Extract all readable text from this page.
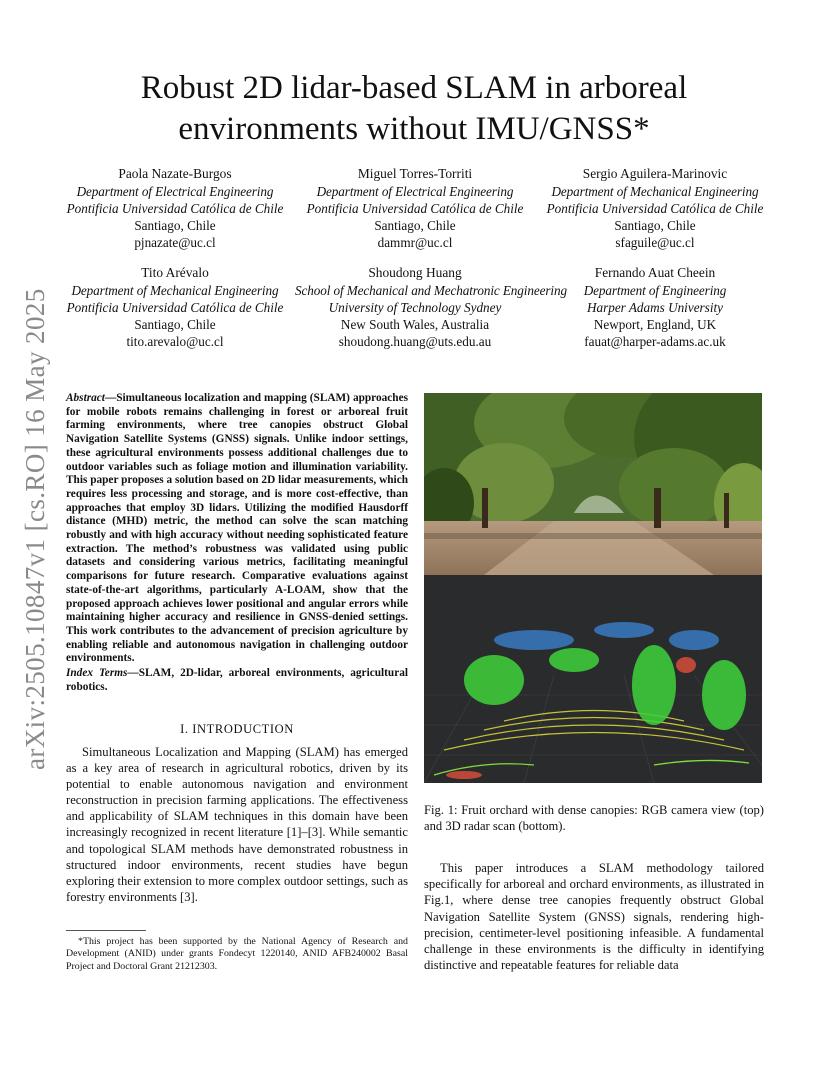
arXiv:2505.10847v1 [cs.RO] 16 May 2025
Robust 2D lidar-based SLAM in arboreal environments without IMU/GNSS*
Paola Nazate-Burgos
Department of Electrical Engineering
Pontificia Universidad Católica de Chile
Santiago, Chile
pjnazate@uc.cl
Miguel Torres-Torriti
Department of Electrical Engineering
Pontificia Universidad Católica de Chile
Santiago, Chile
dammr@uc.cl
Sergio Aguilera-Marinovic
Department of Mechanical Engineering
Pontificia Universidad Católica de Chile
Santiago, Chile
sfaguile@uc.cl
Tito Arévalo
Department of Mechanical Engineering
Pontificia Universidad Católica de Chile
Santiago, Chile
tito.arevalo@uc.cl
Shoudong Huang
School of Mechanical and Mechatronic Engineering
University of Technology Sydney
New South Wales, Australia
shoudong.huang@uts.edu.au
Fernando Auat Cheein
Department of Engineering
Harper Adams University
Newport, England, UK
fauat@harper-adams.ac.uk
Abstract—Simultaneous localization and mapping (SLAM) approaches for mobile robots remains challenging in forest or arboreal fruit farming environments, where tree canopies obstruct Global Navigation Satellite Systems (GNSS) signals. Unlike indoor settings, these agricultural environments possess additional challenges due to outdoor variables such as foliage motion and illumination variability. This paper proposes a solution based on 2D lidar measurements, which requires less processing and storage, and is more cost-effective, than approaches that employ 3D lidars. Utilizing the modified Hausdorff distance (MHD) metric, the method can solve the scan matching robustly and with high accuracy without needing sophisticated feature extraction. The method’s robustness was validated using public datasets and considering various metrics, facilitating meaningful comparisons for future research. Comparative evaluations against state-of-the-art algorithms, particularly A-LOAM, show that the proposed approach achieves lower positional and angular errors while maintaining higher accuracy and resilience in GNSS-denied settings. This work contributes to the advancement of precision agriculture by enabling reliable and autonomous navigation in challenging outdoor environments.
Index Terms—SLAM, 2D-lidar, arboreal environments, agricultural robotics.
I. INTRODUCTION
Simultaneous Localization and Mapping (SLAM) has emerged as a key area of research in agricultural robotics, driven by its potential to enable autonomous navigation and environment reconstruction in precision farming applications. The effectiveness and applicability of SLAM techniques in this domain have been increasingly recognized in recent literature [1]–[3]. While semantic and topological SLAM methods have demonstrated robustness in structured indoor environments, recent studies have begun exploring their extension to more complex outdoor settings, such as forestry environments [3].
*This project has been supported by the National Agency of Research and Development (ANID) under grants Fondecyt 1220140, ANID AFB240002 Basal Project and Doctoral Grant 21212303.
Fig. 1: Fruit orchard with dense canopies: RGB camera view (top) and 3D radar scan (bottom).
This paper introduces a SLAM methodology tailored specifically for arboreal and orchard environments, as illustrated in Fig.1, where dense tree canopies frequently obstruct Global Navigation Satellite System (GNSS) signals, rendering high-precision, centimeter-level positioning infeasible. A fundamental challenge in these environments is the difficulty in identifying distinctive and repeatable features for reliable data
